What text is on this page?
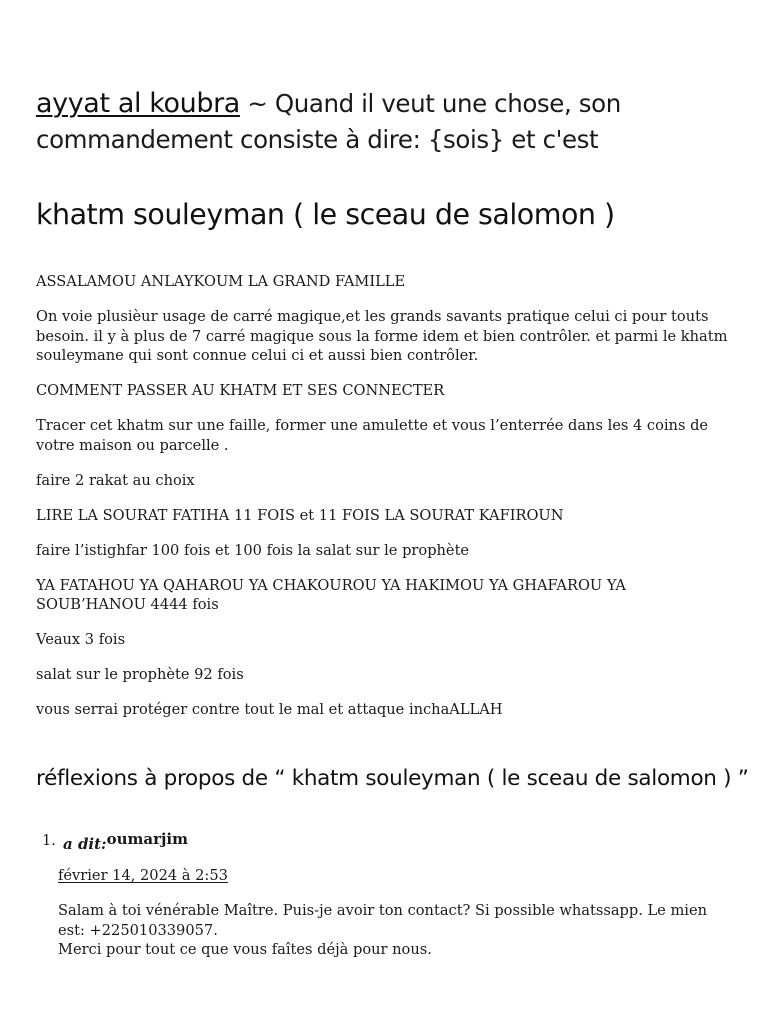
ayyat al koubra ~ Quand il veut une chose, son commandement consiste à dire: {sois} et c'est
khatm souleyman ( le sceau de salomon )

ASSALAMOU ANLAYKOUM LA GRAND FAMILLE

On voie plusièur usage de carré magique,et les grands savants pratique celui ci pour touts besoin. il y à plus de 7 carré magique sous la forme idem et bien contrôler. et parmi le khatm souleymane qui sont connue celui ci et aussi bien contrôler.

COMMENT PASSER AU KHATM ET SES CONNECTER

Tracer cet khatm sur une faille, former une amulette et vous l’enterrée dans les 4 coins de votre maison ou parcelle .

faire 2 rakat au choix

LIRE LA SOURAT FATIHA 11 FOIS et 11 FOIS LA SOURAT KAFIROUN

faire l’istighfar 100 fois et 100 fois la salat sur le prophète

YA FATAHOU YA QAHAROU YA CHAKOUROU YA HAKIMOU YA GHAFAROU YA SOUB’HANOU 4444 fois

Veaux 3 fois

salat sur le prophète 92 fois

vous serrai protéger contre tout le mal et attaque inchaALLAH

réflexions à propos de “ khatm souleyman ( le sceau de salomon ) ”
1. a dit:oumarjim
février 14, 2024 à 2:53

Salam à toi vénérable Maître. Puis-je avoir ton contact? Si possible whatssapp. Le mien est: +225010339057.

Merci pour tout ce que vous faîtes déjà pour nous.
